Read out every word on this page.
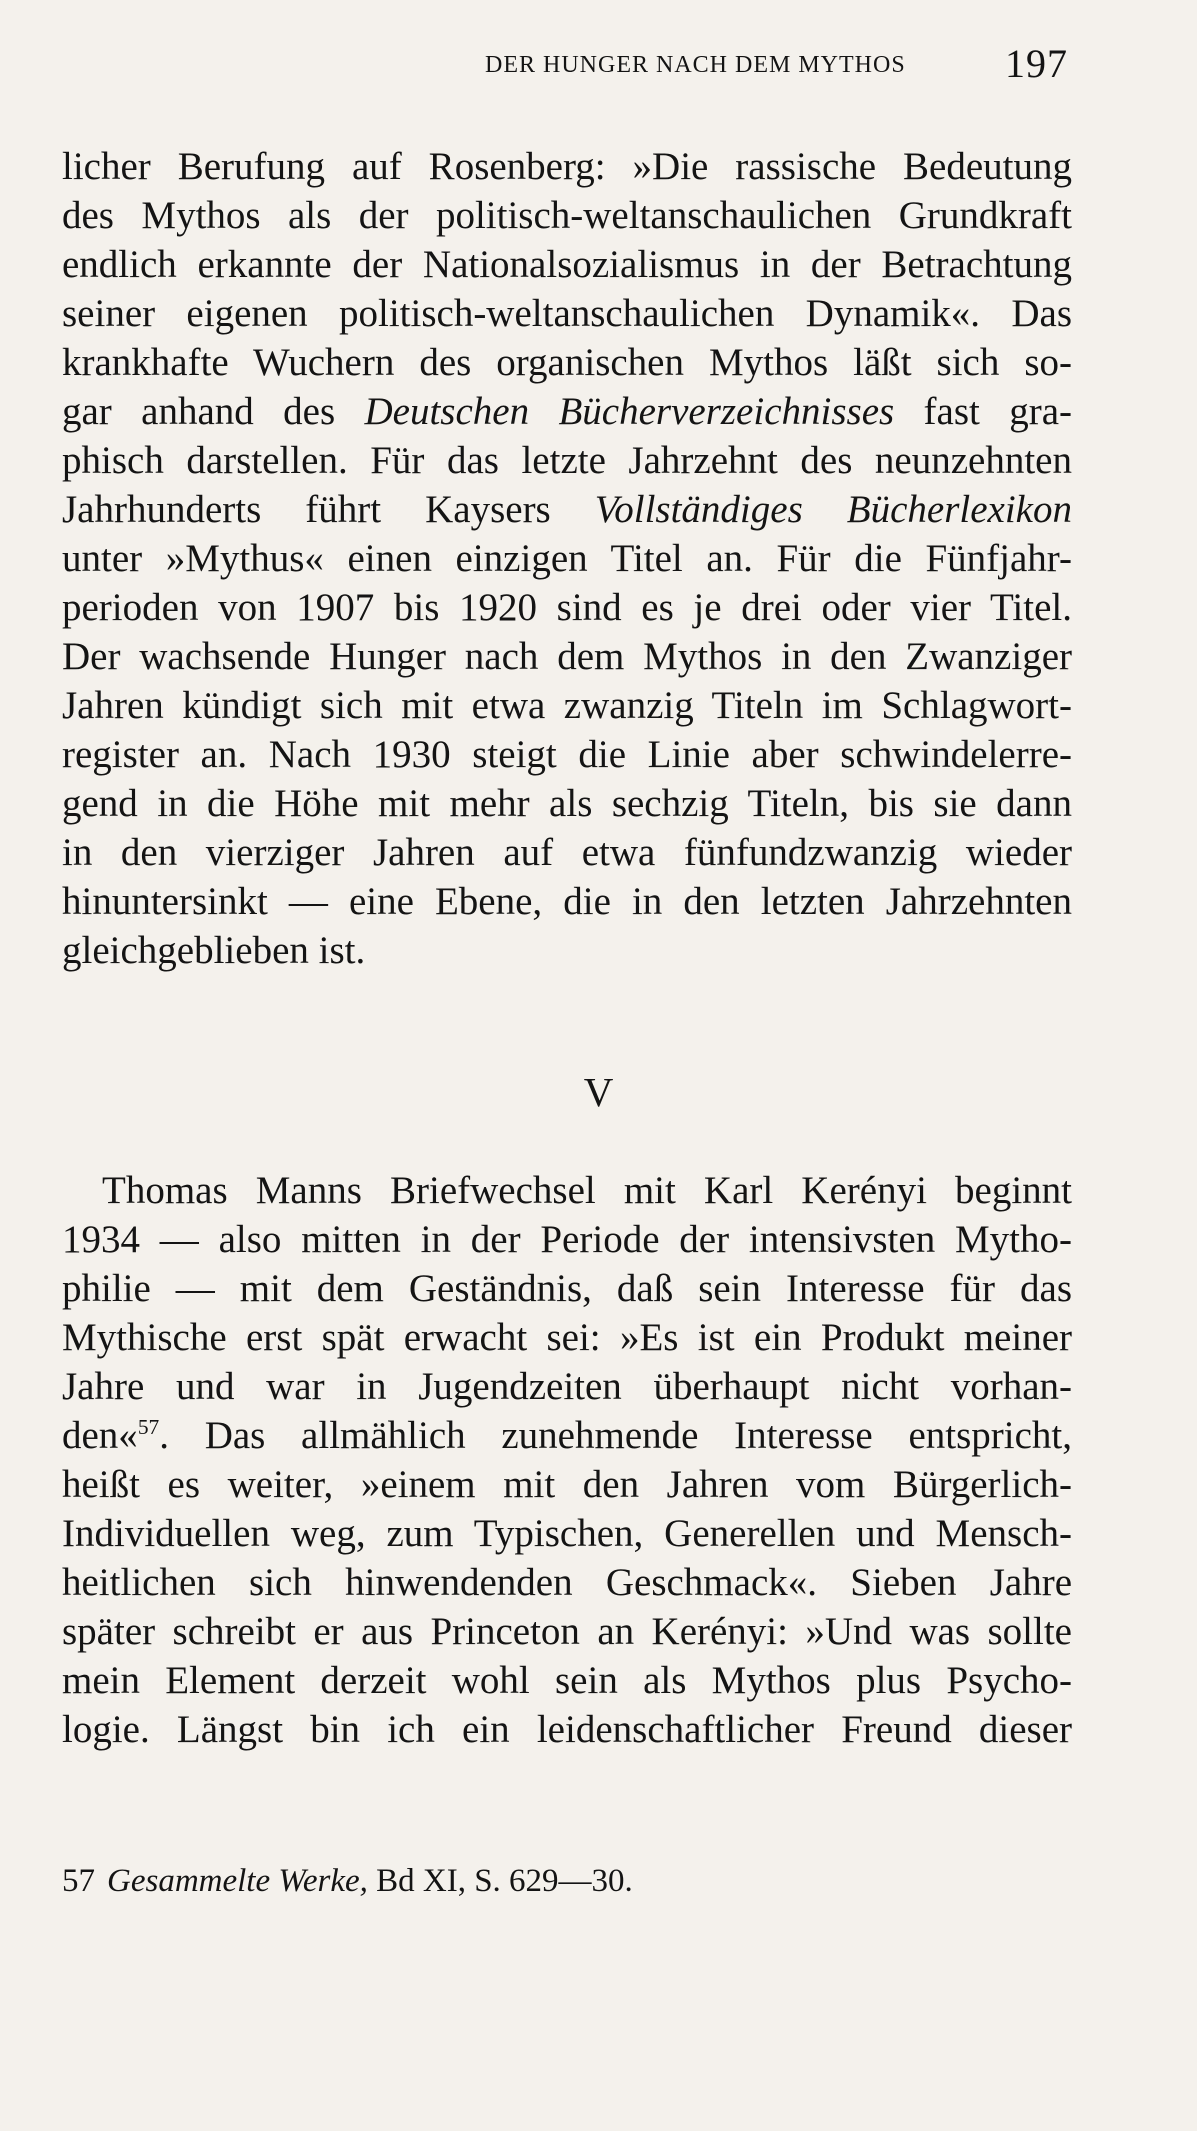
DER HUNGER NACH DEM MYTHOS 197
licher Berufung auf Rosenberg: »Die rassische Bedeutung
des Mythos als der politisch-weltanschaulichen Grundkraft
endlich erkannte der Nationalsozialismus in der Betrachtung
seiner eigenen politisch-weltanschaulichen Dynamik«. Das
krankhafte Wuchern des organischen Mythos läßt sich so-
gar anhand des Deutschen Bücherverzeichnisses fast gra-
phisch darstellen. Für das letzte Jahrzehnt des neunzehnten
Jahrhunderts führt Kaysers Vollständiges Bücherlexikon
unter »Mythus« einen einzigen Titel an. Für die Fünfjahr-
perioden von 1907 bis 1920 sind es je drei oder vier Titel.
Der wachsende Hunger nach dem Mythos in den Zwanziger
Jahren kündigt sich mit etwa zwanzig Titeln im Schlagwort-
register an. Nach 1930 steigt die Linie aber schwindelerre-
gend in die Höhe mit mehr als sechzig Titeln, bis sie dann
in den vierziger Jahren auf etwa fünfundzwanzig wieder
hinuntersinkt — eine Ebene, die in den letzten Jahrzehnten
gleichgeblieben ist.
V
Thomas Manns Briefwechsel mit Karl Kerényi beginnt
1934 — also mitten in der Periode der intensivsten Mytho-
philie — mit dem Geständnis, daß sein Interesse für das
Mythische erst spät erwacht sei: »Es ist ein Produkt meiner
Jahre und war in Jugendzeiten überhaupt nicht vorhan-
den«$^{57}$. Das allmählich zunehmende Interesse entspricht,
heißt es weiter, »einem mit den Jahren vom Bürgerlich-
Individuellen weg, zum Typischen, Generellen und Mensch-
heitlichen sich hinwendenden Geschmack«. Sieben Jahre
später schreibt er aus Princeton an Kerényi: »Und was sollte
mein Element derzeit wohl sein als Mythos plus Psycho-
logie. Längst bin ich ein leidenschaftlicher Freund dieser
57 Gesammelte Werke, Bd XI, S. 629—30.
